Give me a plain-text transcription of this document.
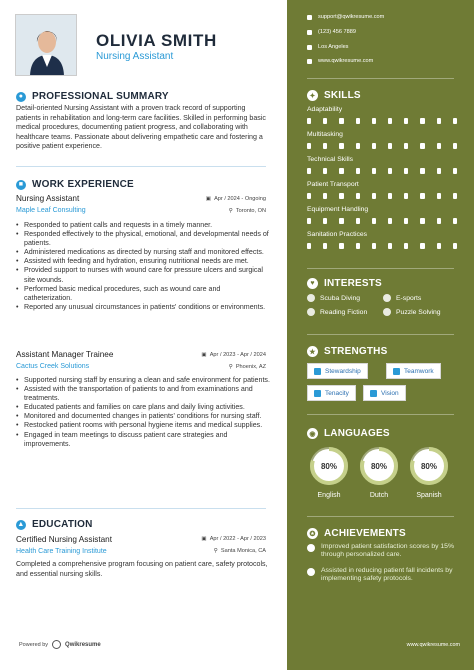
OLIVIA SMITH
Nursing Assistant
● PROFESSIONAL SUMMARY
Detail-oriented Nursing Assistant with a proven track record of supporting patients in rehabilitation and long-term care facilities. Skilled in performing basic medical procedures, documenting patient progress, and collaborating with healthcare teams. Passionate about delivering empathetic care and fostering a positive patient experience.
■ WORK EXPERIENCE
Nursing Assistant
Maple Leaf Consulting
▣ Apr / 2024 - Ongoing
⚲ Toronto, ON
• Responded to patient calls and requests in a timely manner.
• Responded effectively to the physical, emotional, and developmental needs of patients.
• Administered medications as directed by nursing staff and monitored effects.
• Assisted with feeding and hydration, ensuring nutritional needs are met.
• Provided support to nurses with wound care for pressure ulcers and surgical site wounds.
• Performed basic medical procedures, such as wound care and catheterization.
• Reported any unusual circumstances in patients' conditions or environments.
Assistant Manager Trainee
Cactus Creek Solutions
▣ Apr / 2023 - Apr / 2024
⚲ Phoenix, AZ
• Supported nursing staff by ensuring a clean and safe environment for patients.
• Assisted with the transportation of patients to and from examinations and treatments.
• Educated patients and families on care plans and daily living activities.
• Monitored and documented changes in patients' conditions for nursing staff.
• Restocked patient rooms with personal hygiene items and medical supplies.
• Engaged in team meetings to discuss patient care strategies and improvements.
▲ EDUCATION
Certified Nursing Assistant
Health Care Training Institute
▣ Apr / 2022 - Apr / 2023
⚲ Santa Monica, CA
Completed a comprehensive program focusing on patient care, safety protocols, and essential nursing skills.
Powered by	Qwikresume
support@qwikresume.com
(123) 456 7889
Los Angeles
www.qwikresume.com
✦ SKILLS
Adaptability
Multitasking
Technical Skills
Patient Transport
Equipment Handling
Sanitation Practices
♥ INTERESTS
Scuba Diving	E-sports
Reading Fiction	Puzzle Solving
★ STRENGTHS
Stewardship	Teamwork
Tenacity	Vision
◉ LANGUAGES
80%
English
80%
Dutch
80%
Spanish
✪ ACHIEVEMENTS
Improved patient satisfaction scores by 15% through personalized care.
Assisted in reducing patient fall incidents by implementing safety protocols.
www.qwikresume.com
